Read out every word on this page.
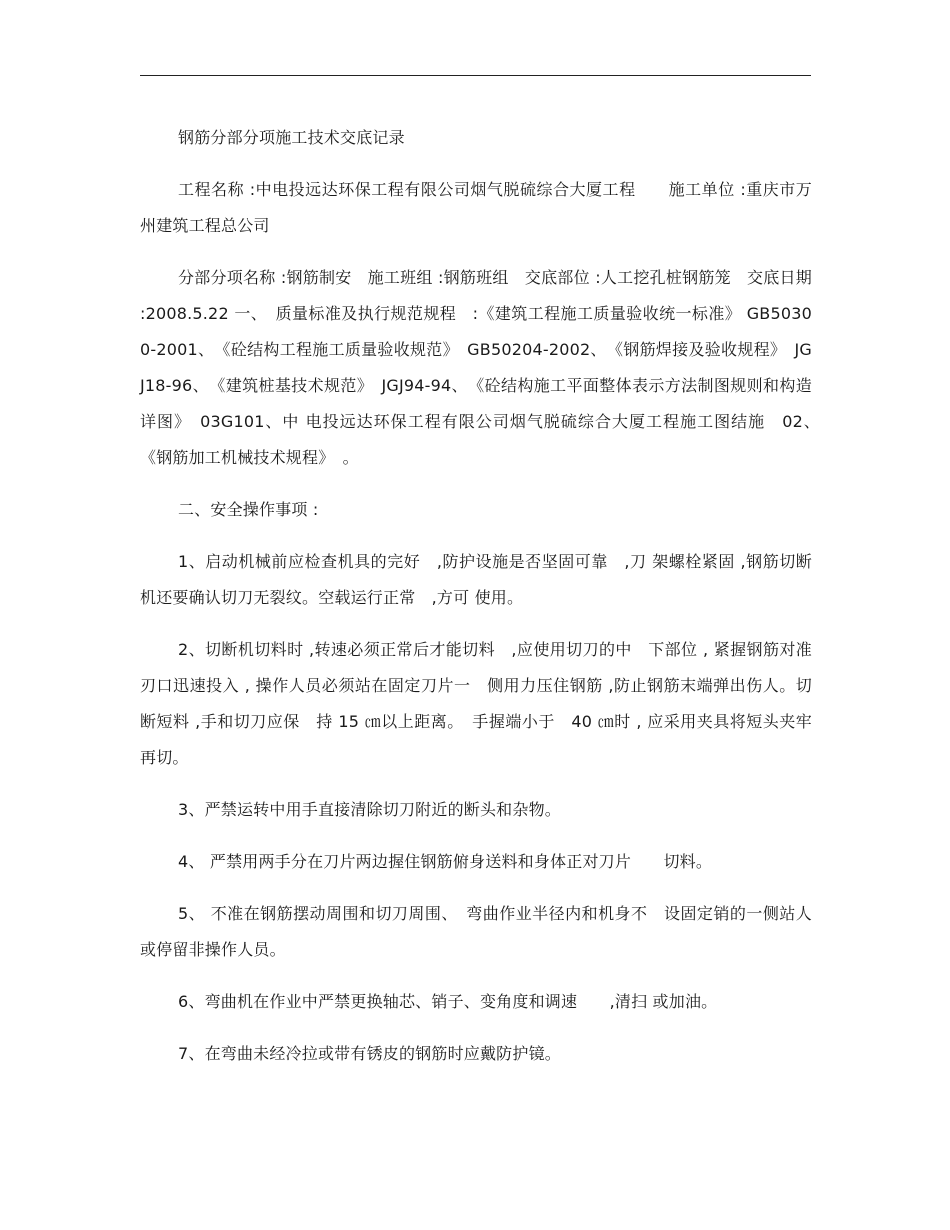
钢筋分部分项施工技术交底记录

工程名称 :中电投远达环保工程有限公司烟气脱硫综合大厦工程　　施工单位 :重庆市万州建筑工程总公司

分部分项名称 :钢筋制安　施工班组 :钢筋班组　交底部位 :人工挖孔桩钢筋笼　交底日期 :2008.5.22 一、　质量标准及执行规范规程　:《建筑工程施工质量验收统一标准》 GB50300-2001、　《砼结构工程施工质量验收规范》　GB50204-2002、　《钢筋焊接及验收规程》　JGJ18-96、　《建筑桩基技术规范》　JGJ94-94、　《砼结构施工平面整体表示方法制图规则和构造详图》　03G101、中 电投远达环保工程有限公司烟气脱硫综合大厦工程施工图结施　02、　《钢筋加工机械技术规程》　。

二、安全操作事项 :

1、启动机械前应检查机具的完好　,防护设施是否坚固可靠　,刀 架螺栓紧固 ,钢筋切断机还要确认切刀无裂纹。空载运行正常　,方可 使用。

2、切断机切料时 ,转速必须正常后才能切料　,应使用切刀的中　下部位 , 紧握钢筋对准刃口迅速投入 , 操作人员必须站在固定刀片一　侧用力压住钢筋 ,防止钢筋末端弹出伤人。切断短料 ,手和切刀应保　持 15 ㎝以上距离。　手握端小于　40 ㎝时 , 应采用夹具将短头夹牢再切。

3、严禁运转中用手直接清除切刀附近的断头和杂物。

4、 严禁用两手分在刀片两边握住钢筋俯身送料和身体正对刀片　　切料。

5、 不准在钢筋摆动周围和切刀周围、　弯曲作业半径内和机身不　设固定销的一侧站人或停留非操作人员。

6、弯曲机在作业中严禁更换轴芯、销子、变角度和调速　　,清扫 或加油。

7、在弯曲未经冷拉或带有锈皮的钢筋时应戴防护镜。
